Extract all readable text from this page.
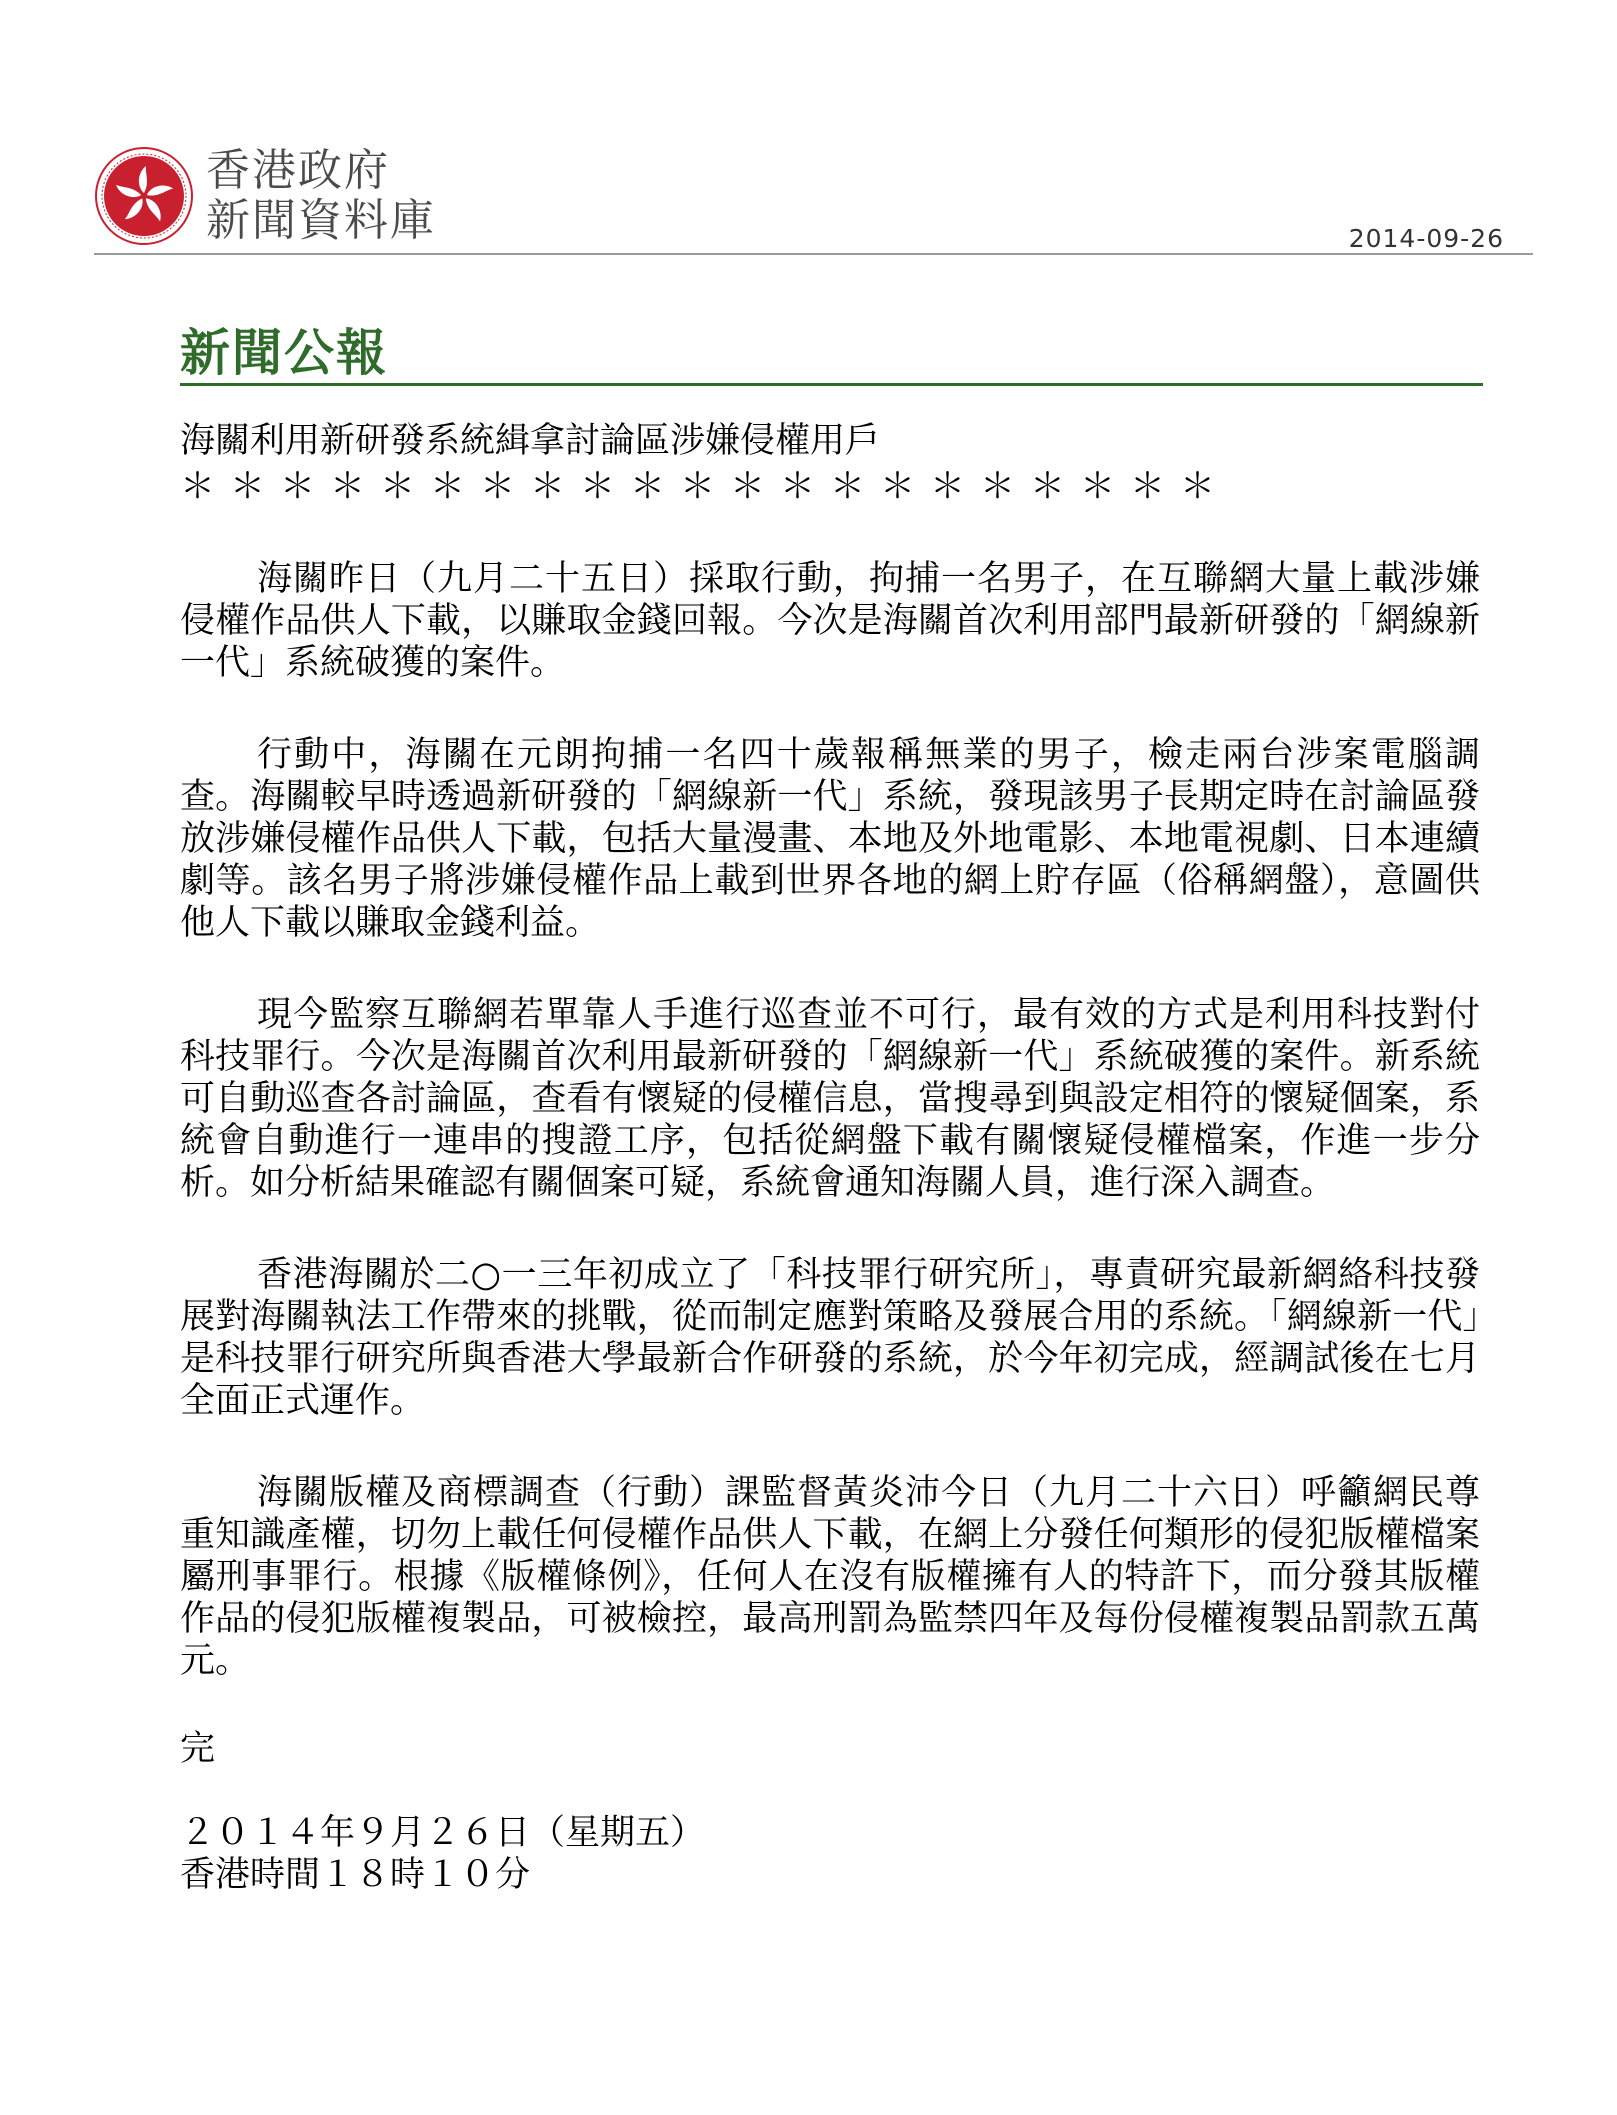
香港政府
新聞資料庫	2014-09-26
新聞公報

海關利用新研發系統緝拿討論區涉嫌侵權用戶

＊＊＊＊＊＊＊＊＊＊＊＊＊＊＊＊＊＊＊＊＊

海關昨日（九月二十五日）採取行動，拘捕一名男子，在互聯網大量上載涉嫌侵權作品供人下載，以賺取金錢回報。今次是海關首次利用部門最新研發的「網線新一代」系統破獲的案件。

行動中，海關在元朗拘捕一名四十歲報稱無業的男子，檢走兩台涉案電腦調查。海關較早時透過新研發的「網線新一代」系統，發現該男子長期定時在討論區發放涉嫌侵權作品供人下載，包括大量漫畫、本地及外地電影、本地電視劇、日本連續劇等。該名男子將涉嫌侵權作品上載到世界各地的網上貯存區（俗稱網盤），意圖供他人下載以賺取金錢利益。

現今監察互聯網若單靠人手進行巡查並不可行，最有效的方式是利用科技對付科技罪行。今次是海關首次利用最新研發的「網線新一代」系統破獲的案件。新系統可自動巡查各討論區，查看有懷疑的侵權信息，當搜尋到與設定相符的懷疑個案，系統會自動進行一連串的搜證工序，包括從網盤下載有關懷疑侵權檔案，作進一步分析。如分析結果確認有關個案可疑，系統會通知海關人員，進行深入調查。

香港海關於二○一三年初成立了「科技罪行研究所」，專責研究最新網絡科技發展對海關執法工作帶來的挑戰，從而制定應對策略及發展合用的系統。「網線新一代」是科技罪行研究所與香港大學最新合作研發的系統，於今年初完成，經調試後在七月全面正式運作。

海關版權及商標調查（行動）課監督黃炎沛今日（九月二十六日）呼籲網民尊重知識產權，切勿上載任何侵權作品供人下載，在網上分發任何類形的侵犯版權檔案屬刑事罪行。根據《版權條例》，任何人在沒有版權擁有人的特許下，而分發其版權作品的侵犯版權複製品，可被檢控，最高刑罰為監禁四年及每份侵權複製品罰款五萬元。

完

２０１４年９月２６日（星期五）
香港時間１８時１０分
